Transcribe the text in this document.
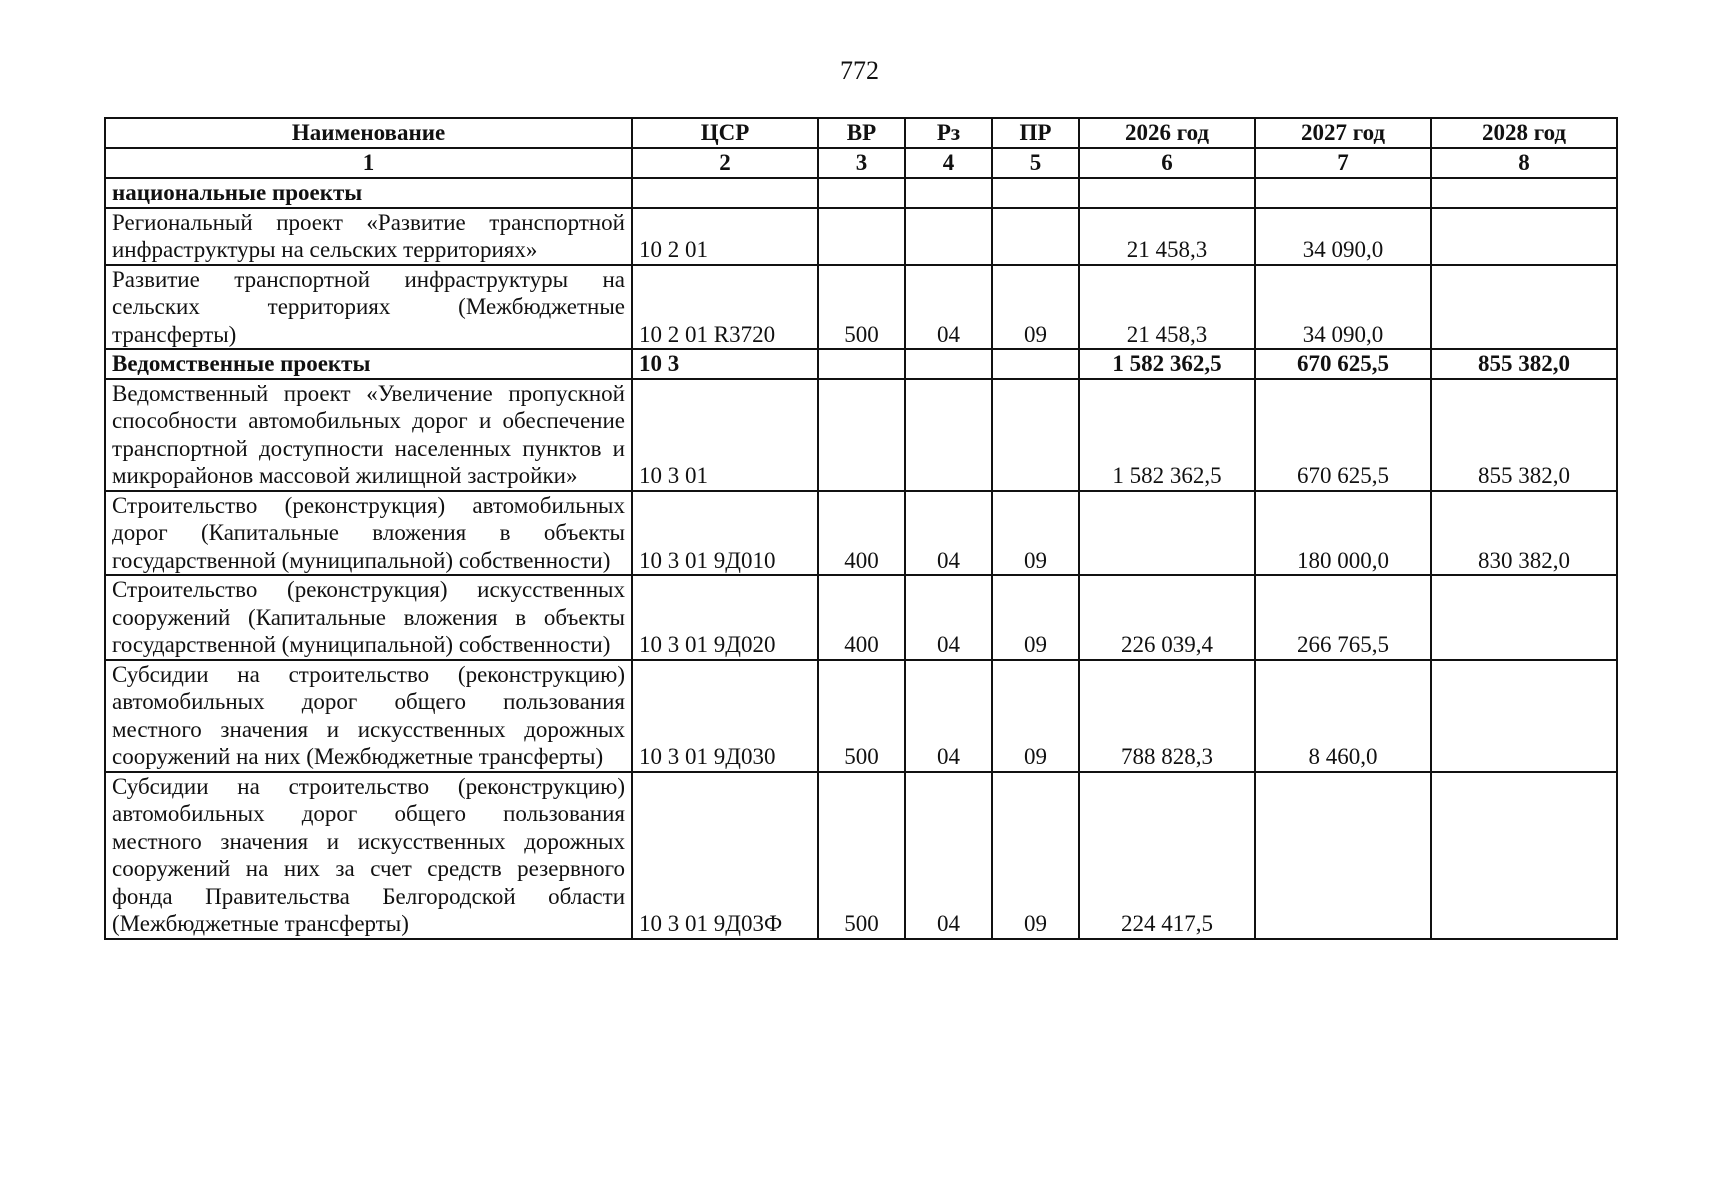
772
Наименование	ЦСР	ВР	Рз	ПР	2026 год	2027 год	2028 год
1	2	3	4	5	6	7	8
национальные проекты							
Региональный проект «Развитие транспортной инфраструктуры на сельских территориях»	10 2 01				21 458,3	34 090,0	
Развитие транспортной инфраструктуры на сельских территориях (Межбюджетные трансферты)	10 2 01 R3720	500	04	09	21 458,3	34 090,0	
Ведомственные проекты	10 3				1 582 362,5	670 625,5	855 382,0
Ведомственный проект «Увеличение пропускной способности автомобильных дорог и обеспечение транспортной доступности населенных пунктов и микрорайонов массовой жилищной застройки»	10 3 01				1 582 362,5	670 625,5	855 382,0
Строительство (реконструкция) автомобильных дорог (Капитальные вложения в объекты государственной (муниципальной) собственности)	10 3 01 9Д010	400	04	09		180 000,0	830 382,0
Строительство (реконструкция) искусственных сооружений (Капитальные вложения в объекты государственной (муниципальной) собственности)	10 3 01 9Д020	400	04	09	226 039,4	266 765,5	
Субсидии на строительство (реконструкцию) автомобильных дорог общего пользования местного значения и искусственных дорожных сооружений на них (Межбюджетные трансферты)	10 3 01 9Д030	500	04	09	788 828,3	8 460,0	
Субсидии на строительство (реконструкцию) автомобильных дорог общего пользования местного значения и искусственных дорожных сооружений на них за счет средств резервного фонда Правительства Белгородской области (Межбюджетные трансферты)	10 3 01 9Д03Ф	500	04	09	224 417,5		
